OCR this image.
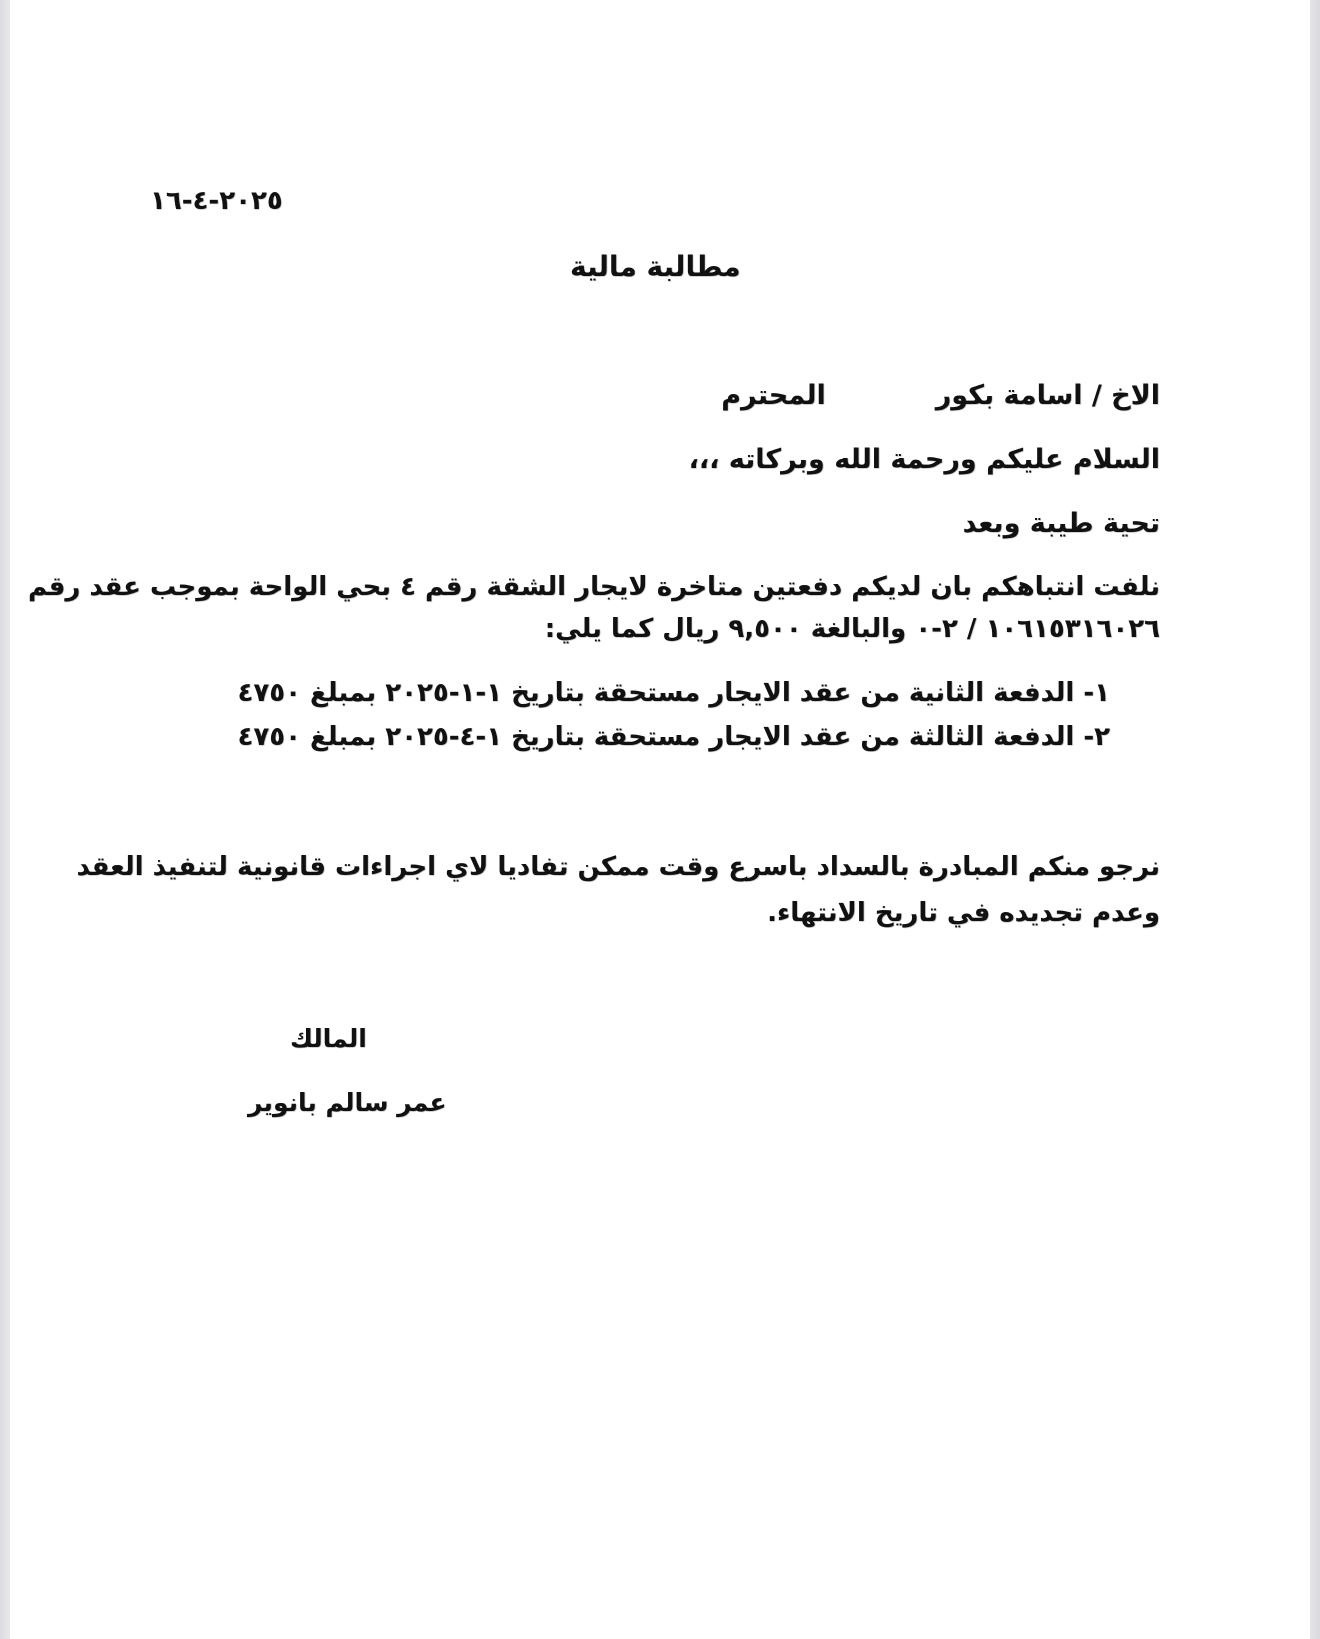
٢٠٢٥-٤-١٦
مطالبة مالية
الاخ / اسامة بكورالمحترم
السلام عليكم ورحمة الله وبركاته ،،،
تحية طيبة وبعد
نلفت انتباهكم بان لديكم دفعتين متاخرة لايجار الشقة رقم ٤ بحي الواحة بموجب عقد رقم
١٠٦١٥٣١٦٠٢٦ / ٢-٠ والبالغة ٩,٥٠٠ ريال كما يلي:
١- الدفعة الثانية من عقد الايجار مستحقة بتاريخ ١-١-٢٠٢٥ بمبلغ ٤٧٥٠
٢- الدفعة الثالثة من عقد الايجار مستحقة بتاريخ ١-٤-٢٠٢٥ بمبلغ ٤٧٥٠
نرجو منكم المبادرة بالسداد باسرع وقت ممكن تفاديا لاي اجراءات قانونية لتنفيذ العقد
وعدم تجديده في تاريخ الانتهاء.
المالك
عمر سالم بانوير
